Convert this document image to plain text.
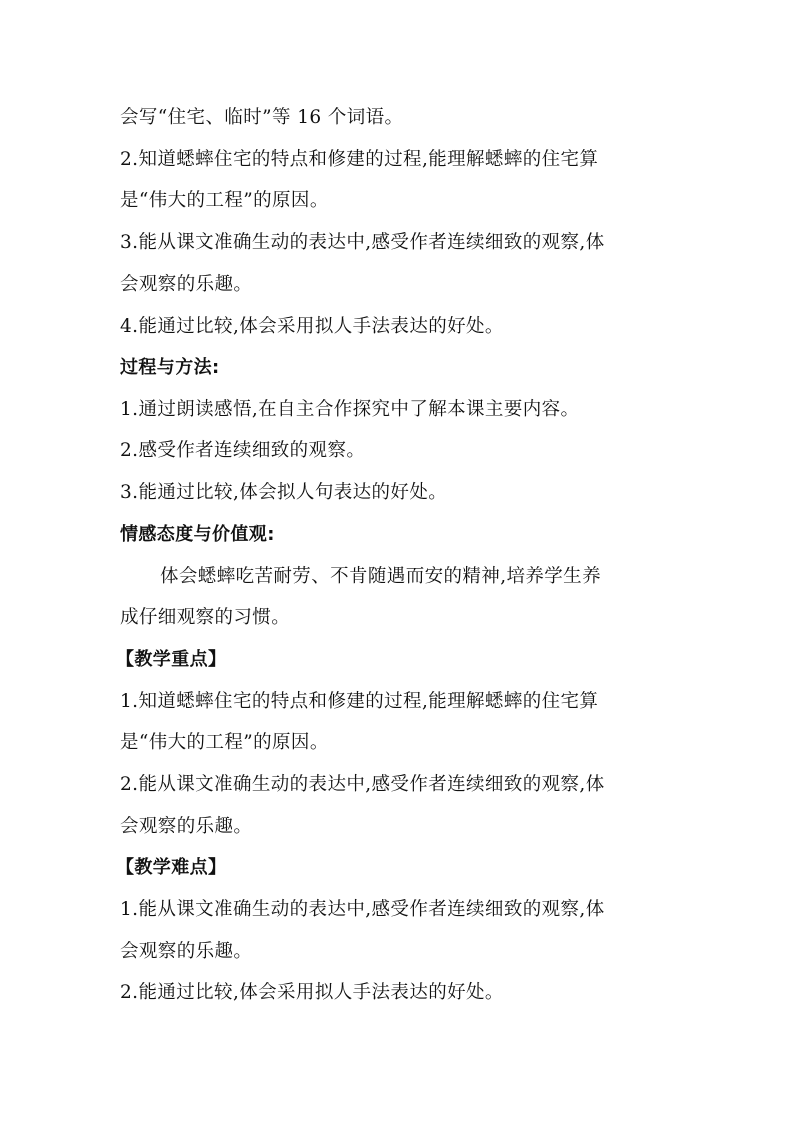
会写“住宅、临时”等 16 个词语。
2.知道蟋蟀住宅的特点和修建的过程,能理解蟋蟀的住宅算
是“伟大的工程”的原因。
3.能从课文准确生动的表达中,感受作者连续细致的观察,体
会观察的乐趣。
4.能通过比较,体会采用拟人手法表达的好处。
过程与方法:
1.通过朗读感悟,在自主合作探究中了解本课主要内容。
2.感受作者连续细致的观察。
3.能通过比较,体会拟人句表达的好处。
情感态度与价值观:
体会蟋蟀吃苦耐劳、不肯随遇而安的精神,培养学生养
成仔细观察的习惯。
【教学重点】
1.知道蟋蟀住宅的特点和修建的过程,能理解蟋蟀的住宅算
是“伟大的工程”的原因。
2.能从课文准确生动的表达中,感受作者连续细致的观察,体
会观察的乐趣。
【教学难点】
1.能从课文准确生动的表达中,感受作者连续细致的观察,体
会观察的乐趣。
2.能通过比较,体会采用拟人手法表达的好处。
